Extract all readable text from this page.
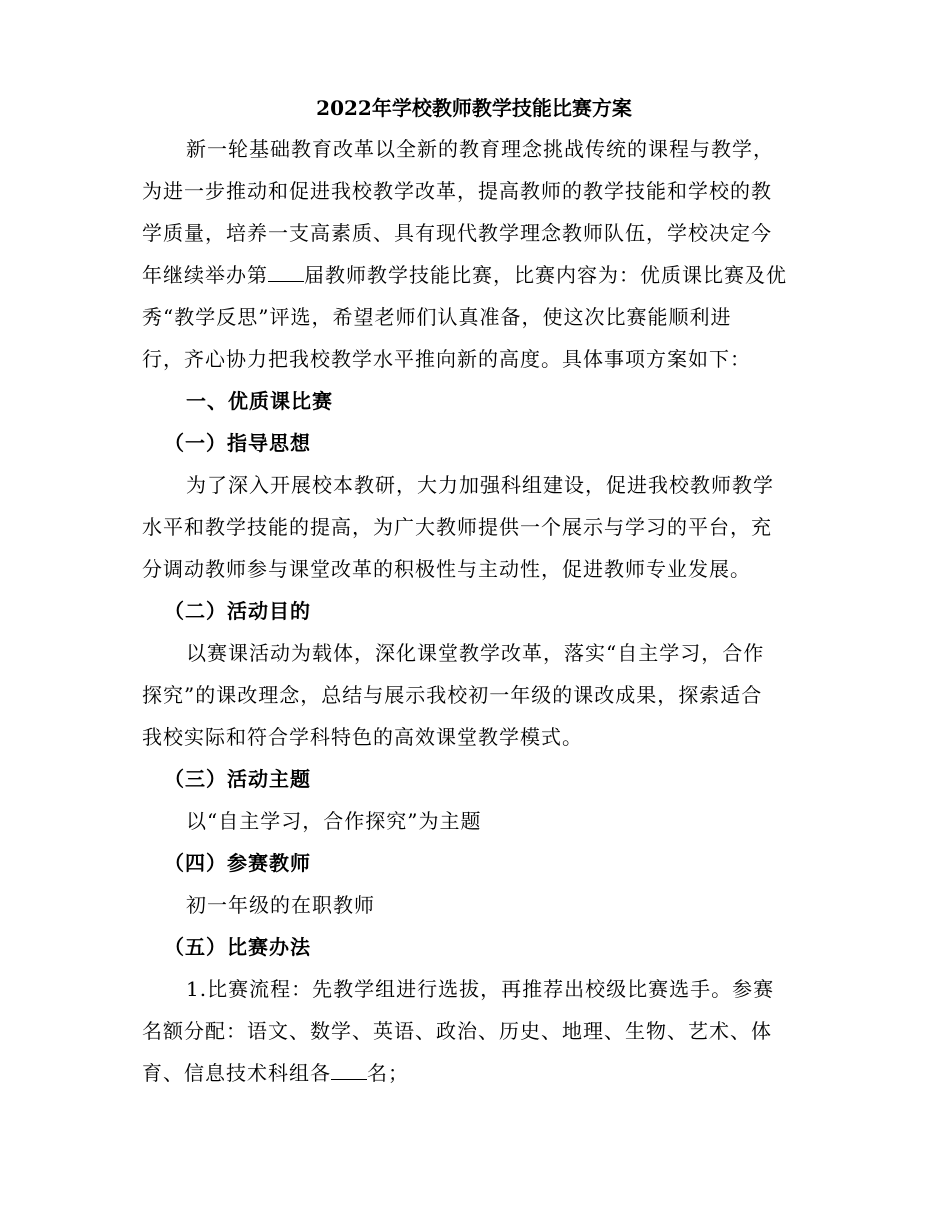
2022年学校教师教学技能比赛方案
新一轮基础教育改革以全新的教育理念挑战传统的课程与教学，
为进一步推动和促进我校教学改革，提高教师的教学技能和学校的教
学质量，培养一支高素质、具有现代教学理念教师队伍，学校决定今
年继续举办第 届教师教学技能比赛，比赛内容为：优质课比赛及优
秀“教学反思”评选，希望老师们认真准备，使这次比赛能顺利进
行，齐心协力把我校教学水平推向新的高度。具体事项方案如下：
一、优质课比赛
（一）指导思想
为了深入开展校本教研，大力加强科组建设，促进我校教师教学
水平和教学技能的提高，为广大教师提供一个展示与学习的平台，充
分调动教师参与课堂改革的积极性与主动性，促进教师专业发展。
（二）活动目的
以赛课活动为载体，深化课堂教学改革，落实“自主学习，合作
探究”的课改理念，总结与展示我校初一年级的课改成果，探索适合
我校实际和符合学科特色的高效课堂教学模式。
（三）活动主题
以“自主学习，合作探究”为主题
（四）参赛教师
初一年级的在职教师
（五）比赛办法
1.比赛流程：先教学组进行选拔，再推荐出校级比赛选手。参赛
名额分配：语文、数学、英语、政治、历史、地理、生物、艺术、体
育、信息技术科组各 名；
